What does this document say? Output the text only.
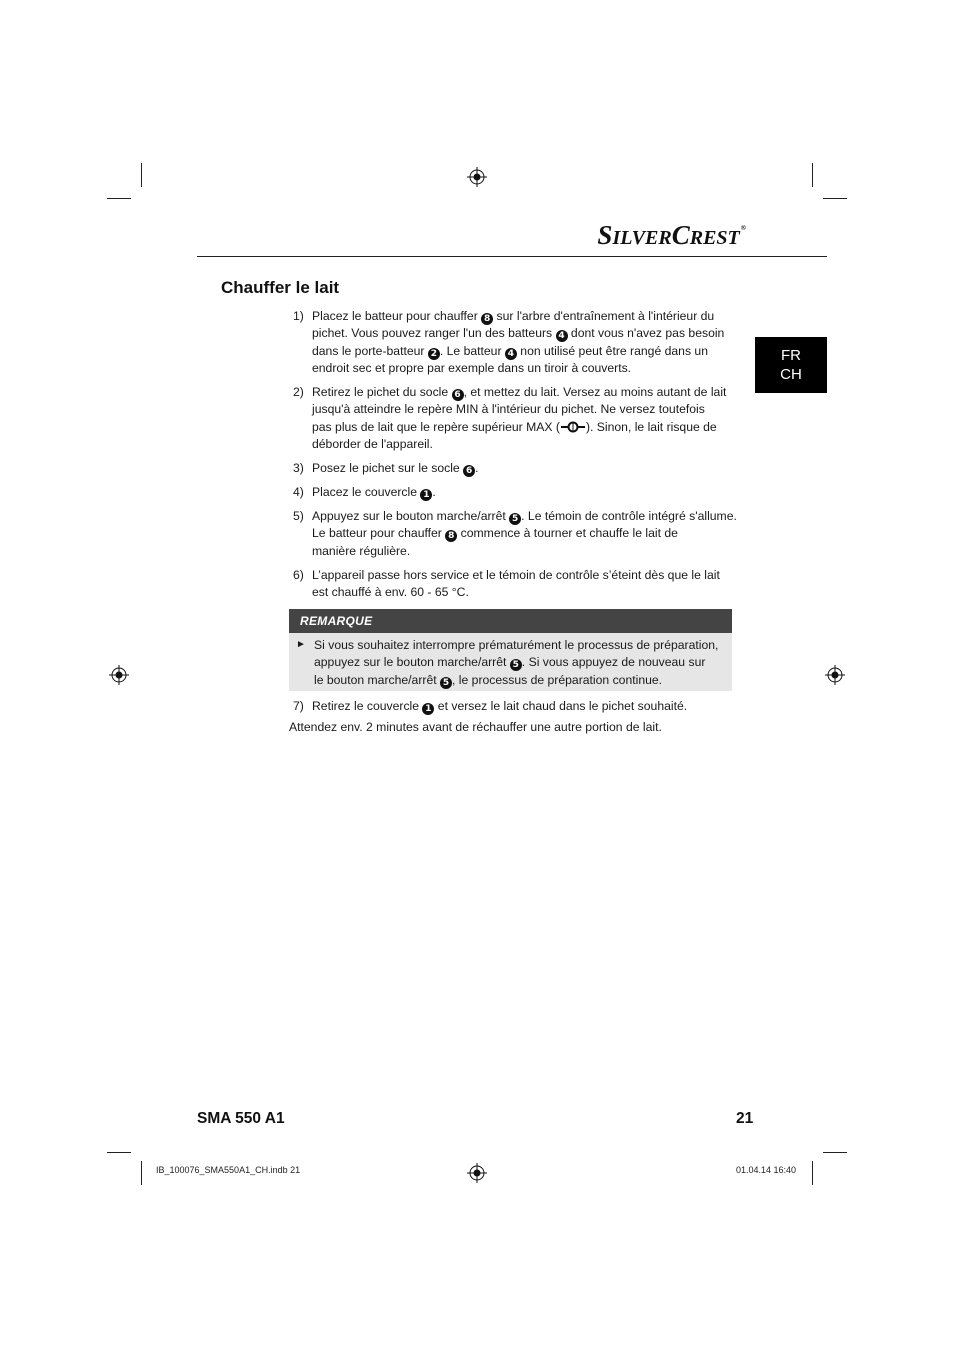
SILVERCREST®
Chauffer le lait
FR
CH
1) Placez le batteur pour chauffer 8 sur l'arbre d'entraînement à l'intérieur du
pichet. Vous pouvez ranger l'un des batteurs 4 dont vous n'avez pas besoin
dans le porte-batteur 2 . Le batteur 4 non utilisé peut être rangé dans un
endroit sec et propre par exemple dans un tiroir à couverts.
2) Retirez le pichet du socle 6 , et mettez du lait. Versez au moins autant de lait
jusqu'à atteindre le repère MIN à l'intérieur du pichet. Ne versez toutefois
pas plus de lait que le repère supérieur MAX ( ). Sinon, le lait risque de
déborder de l'appareil.
3) Posez le pichet sur le socle 6 .
4) Placez le couvercle 1 .
5) Appuyez sur le bouton marche/arrêt 5 . Le témoin de contrôle intégré s'allume.
Le batteur pour chauffer 8 commence à tourner et chauffe le lait de
manière régulière.
6) L’appareil passe hors service et le témoin de contrôle s’éteint dès que le lait
est chauffé à env. 60 - 65 °C.
7) Retirez le couvercle 1 et versez le lait chaud dans le pichet souhaité.
Attendez env. 2 minutes avant de réchauffer une autre portion de lait.
REMARQUE
► Si vous souhaitez interrompre prématurément le processus de préparation,
appuyez sur le bouton marche/arrêt 5 . Si vous appuyez de nouveau sur
le bouton marche/arrêt 5 , le processus de préparation continue.
SMA 550 A1	21
IB_100076_SMA550A1_CH.indb 21	01.04.14 16:40
